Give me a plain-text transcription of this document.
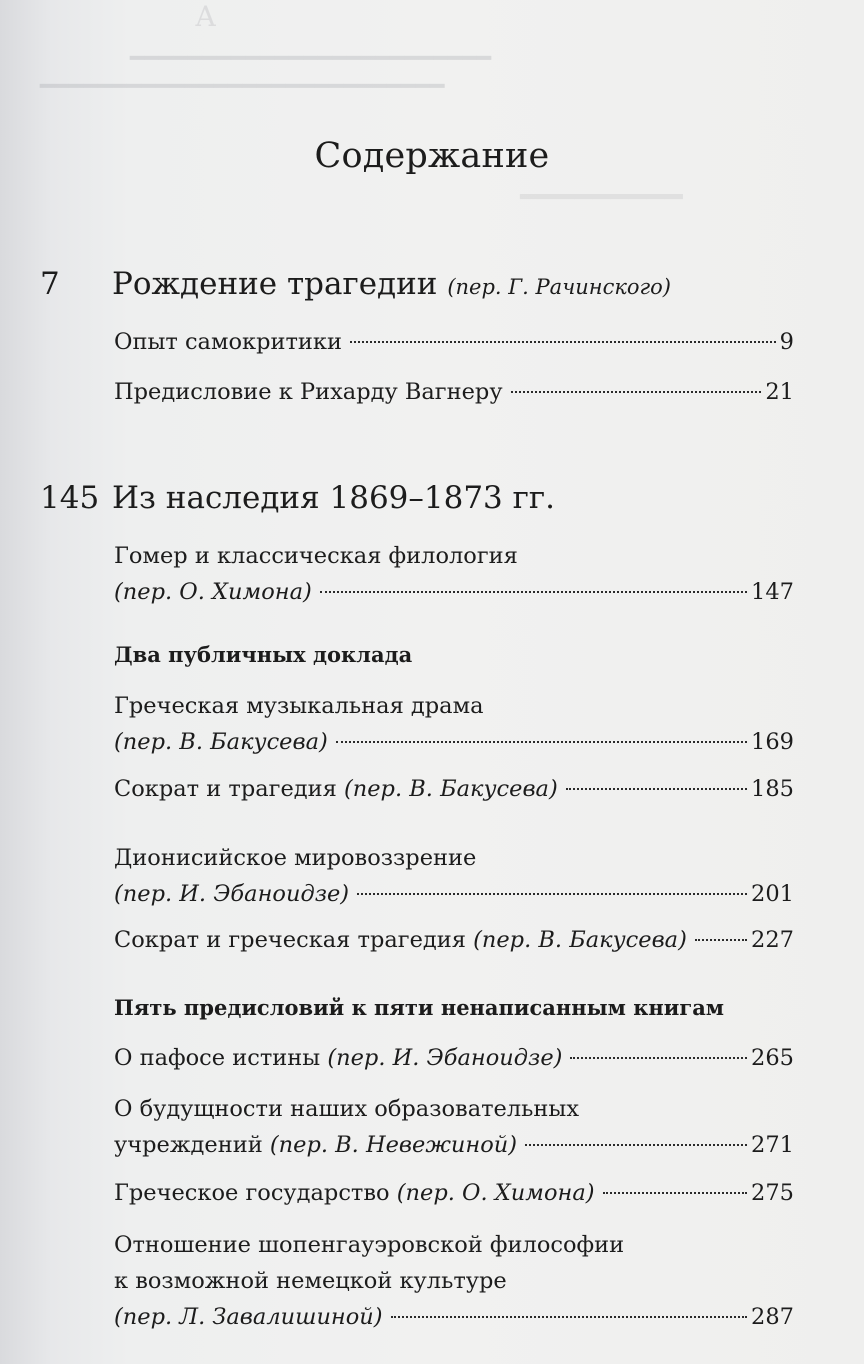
А
━━━━━━━━━━━━━━━━━━━━━━━━━
━━━━━━━━━━━━━━━━━━━━━━━━━━━━
━━━━━━━━━
Содержание
7 Рождение трагедии (пер. Г. Рачинского)
Опыт самокритики	9
Предисловие к Рихарду Вагнеру	21
145 Из наследия 1869–1873 гг.
Гомер и классическая филология
(пер. О. Химона)	147
Два публичных доклада
Греческая музыкальная драма
(пер. В. Бакусева)	169
Сократ и трагедия (пер. В. Бакусева)	185
Дионисийское мировоззрение
(пер. И. Эбаноидзе)	201
Сократ и греческая трагедия (пер. В. Бакусева)	227
Пять предисловий к пяти ненаписанным книгам
О пафосе истины (пер. И. Эбаноидзе)	265
О будущности наших образовательных
учреждений (пер. В. Невежиной)	271
Греческое государство (пер. О. Химона)	275
Отношение шопенгауэровской философии
к возможной немецкой культуре
(пер. Л. Завалишиной)	287
